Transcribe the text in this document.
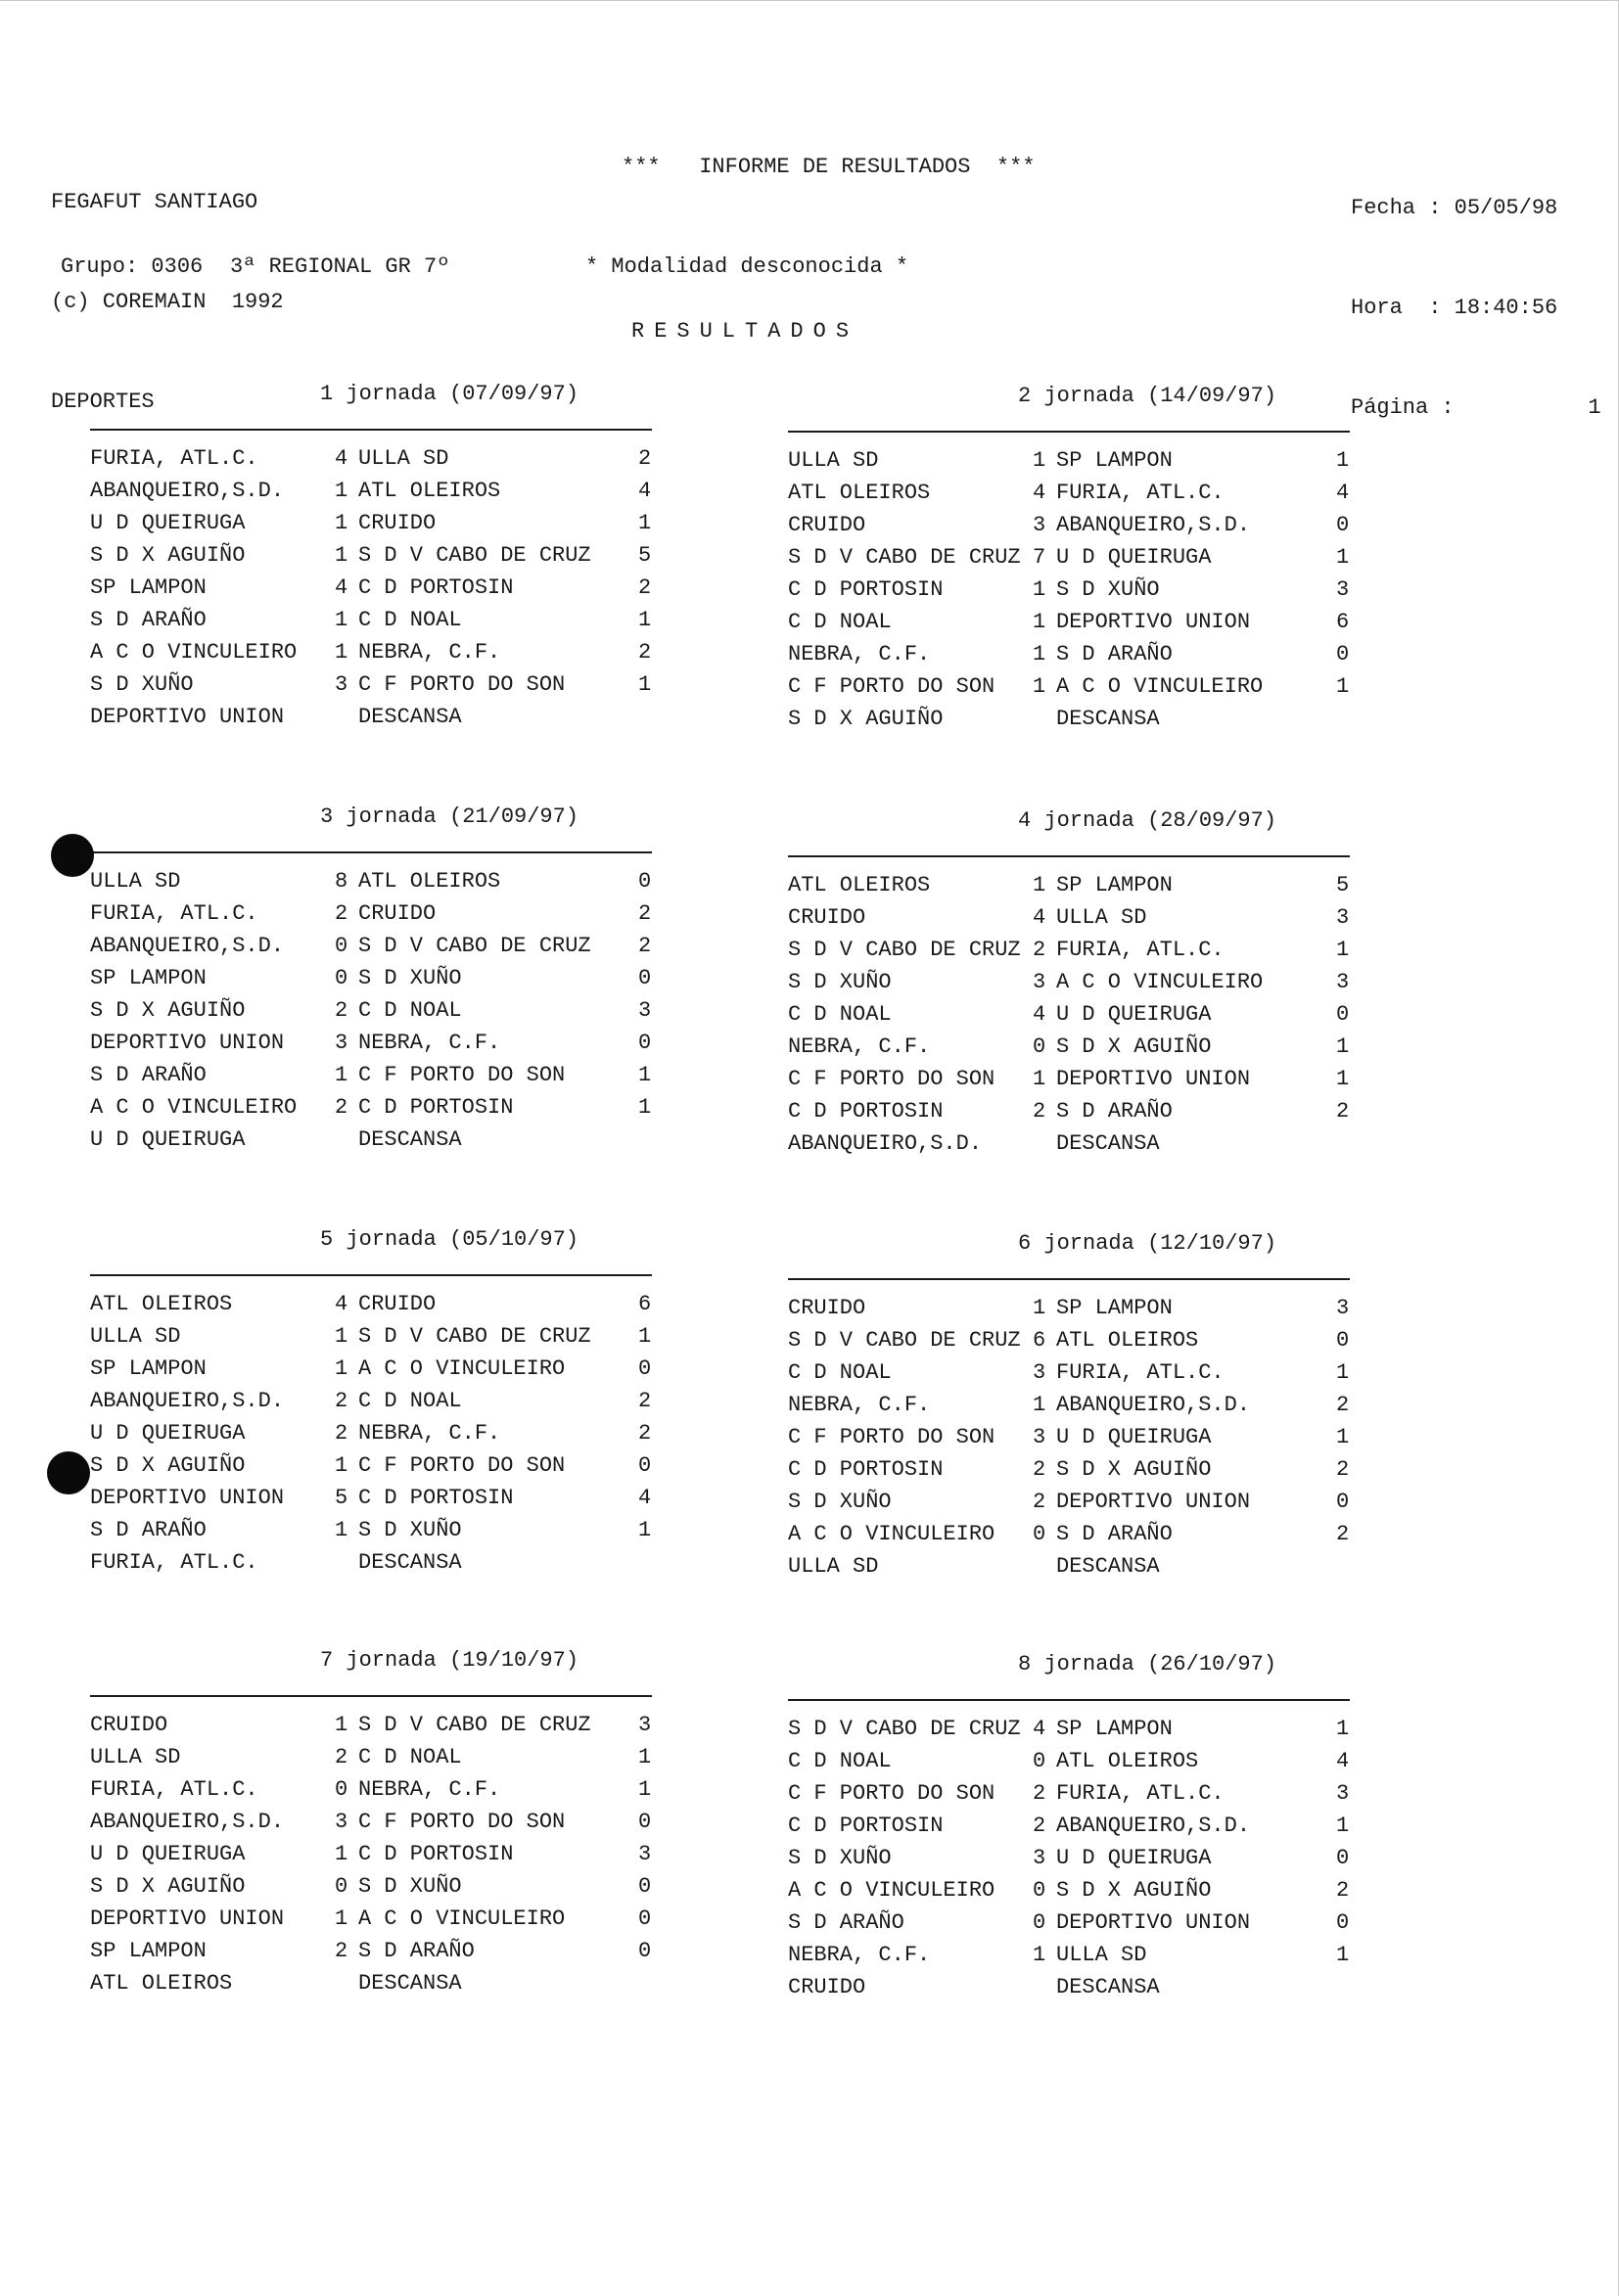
FEGAFUT SANTIAGO

(c) COREMAIN  1992

DEPORTES

***   INFORME DE RESULTADOS  ***

Fecha : 05/05/98

Hora  : 18:40:56

Página :	1

Grupo: 0306 3ª REGIONAL GR 7º	* Modalidad desconocida *
RESULTADOS
1 jornada (07/09/97)
FURIA, ATL.C.	4 ULLA SD	2
ABANQUEIRO,S.D. 1 ATL OLEIROS	4
U D QUEIRUGA	1 CRUIDO	1
S D X AGUIÑO	1 S D V CABO DE CRUZ 5
SP LAMPON	4 C D PORTOSIN	2
S D ARAÑO	1 C D NOAL	1
A C O VINCULEIRO 1 NEBRA, C.F.	2
S D XUÑO	3 C F PORTO DO SON	1
DEPORTIVO UNION	DESCANSA
2 jornada (14/09/97)
ULLA SD	1 SP LAMPON	1
ATL OLEIROS	4 FURIA, ATL.C.	4
CRUIDO	3 ABANQUEIRO,S.D.	0
S D V CABO DE CRUZ 7 U D QUEIRUGA	1
C D PORTOSIN	1 S D XUÑO	3
C D NOAL	1 DEPORTIVO UNION	6
NEBRA, C.F.	1 S D ARAÑO	0
C F PORTO DO SON 1 A C O VINCULEIRO	1
S D X AGUIÑO	DESCANSA
3 jornada (21/09/97)
ULLA SD	8 ATL OLEIROS	0
FURIA, ATL.C.	2 CRUIDO	2
ABANQUEIRO,S.D. 0 S D V CABO DE CRUZ 2
SP LAMPON	0 S D XUÑO	0
S D X AGUIÑO	2 C D NOAL	3
DEPORTIVO UNION 3 NEBRA, C.F.	0
S D ARAÑO	1 C F PORTO DO SON	1
A C O VINCULEIRO 2 C D PORTOSIN	1
U D QUEIRUGA	DESCANSA
4 jornada (28/09/97)
ATL OLEIROS	1 SP LAMPON	5
CRUIDO	4 ULLA SD	3
S D V CABO DE CRUZ 2 FURIA, ATL.C.	1
S D XUÑO	3 A C O VINCULEIRO	3
C D NOAL	4 U D QUEIRUGA	0
NEBRA, C.F.	0 S D X AGUIÑO	1
C F PORTO DO SON 1 DEPORTIVO UNION	1
C D PORTOSIN	2 S D ARAÑO	2
ABANQUEIRO,S.D.	DESCANSA
5 jornada (05/10/97)
ATL OLEIROS	4 CRUIDO	6
ULLA SD	1 S D V CABO DE CRUZ 1
SP LAMPON	1 A C O VINCULEIRO	0
ABANQUEIRO,S.D. 2 C D NOAL	2
U D QUEIRUGA	2 NEBRA, C.F.	2
S D X AGUIÑO	1 C F PORTO DO SON	0
DEPORTIVO UNION 5 C D PORTOSIN	4
S D ARAÑO	1 S D XUÑO	1
FURIA, ATL.C.	DESCANSA
6 jornada (12/10/97)
CRUIDO	1 SP LAMPON	3
S D V CABO DE CRUZ 6 ATL OLEIROS	0
C D NOAL	3 FURIA, ATL.C.	1
NEBRA, C.F.	1 ABANQUEIRO,S.D.	2
C F PORTO DO SON 3 U D QUEIRUGA	1
C D PORTOSIN	2 S D X AGUIÑO	2
S D XUÑO	2 DEPORTIVO UNION	0
A C O VINCULEIRO 0 S D ARAÑO	2
ULLA SD	DESCANSA
7 jornada (19/10/97)
CRUIDO	1 S D V CABO DE CRUZ 3
ULLA SD	2 C D NOAL	1
FURIA, ATL.C.	0 NEBRA, C.F.	1
ABANQUEIRO,S.D. 3 C F PORTO DO SON	0
U D QUEIRUGA	1 C D PORTOSIN	3
S D X AGUIÑO	0 S D XUÑO	0
DEPORTIVO UNION 1 A C O VINCULEIRO	0
SP LAMPON	2 S D ARAÑO	0
ATL OLEIROS	DESCANSA
8 jornada (26/10/97)
S D V CABO DE CRUZ 4 SP LAMPON	1
C D NOAL	0 ATL OLEIROS	4
C F PORTO DO SON 2 FURIA, ATL.C.	3
C D PORTOSIN	2 ABANQUEIRO,S.D.	1
S D XUÑO	3 U D QUEIRUGA	0
A C O VINCULEIRO 0 S D X AGUIÑO	2
S D ARAÑO	0 DEPORTIVO UNION	0
NEBRA, C.F.	1 ULLA SD	1
CRUIDO	DESCANSA
